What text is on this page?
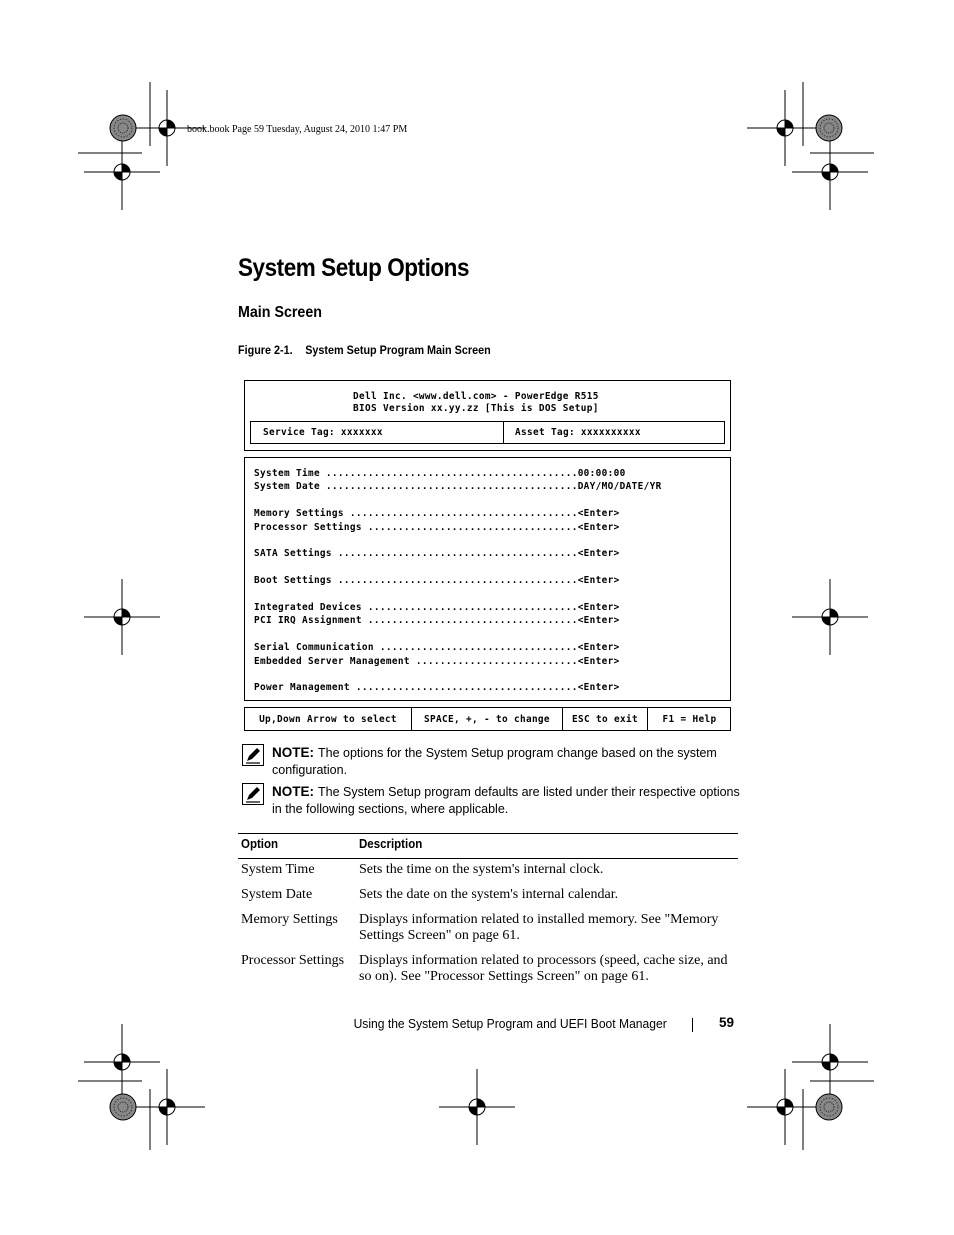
book.book Page 59 Tuesday, August 24, 2010 1:47 PM
System Setup Options
Main Screen
Figure 2-1. System Setup Program Main Screen
Dell Inc. <www.dell.com> - PowerEdge R515
BIOS Version xx.yy.zz [This is DOS Setup]
Service Tag: xxxxxxx	Asset Tag: xxxxxxxxxx
System Time ..........................................00:00:00
System Date ..........................................DAY/MO/DATE/YR
Memory Settings ......................................<Enter>
Processor Settings ...................................<Enter>
SATA Settings ........................................<Enter>
Boot Settings ........................................<Enter>
Integrated Devices ...................................<Enter>
PCI IRQ Assignment ...................................<Enter>
Serial Communication .................................<Enter>
Embedded Server Management ...........................<Enter>
Power Management .....................................<Enter>
Up,Down Arrow to select	SPACE, +, - to change	ESC to exit	F1 = Help
NOTE: The options for the System Setup program change based on the system configuration.
NOTE: The System Setup program defaults are listed under their respective options in the following sections, where applicable.
Option	Description
System Time	Sets the time on the system's internal clock.
System Date	Sets the date on the system's internal calendar.
Memory Settings	Displays information related to installed memory. See "Memory Settings Screen" on page 61.
Processor Settings	Displays information related to processors (speed, cache size, and so on). See "Processor Settings Screen" on page 61.
Using the System Setup Program and UEFI Boot Manager	59
